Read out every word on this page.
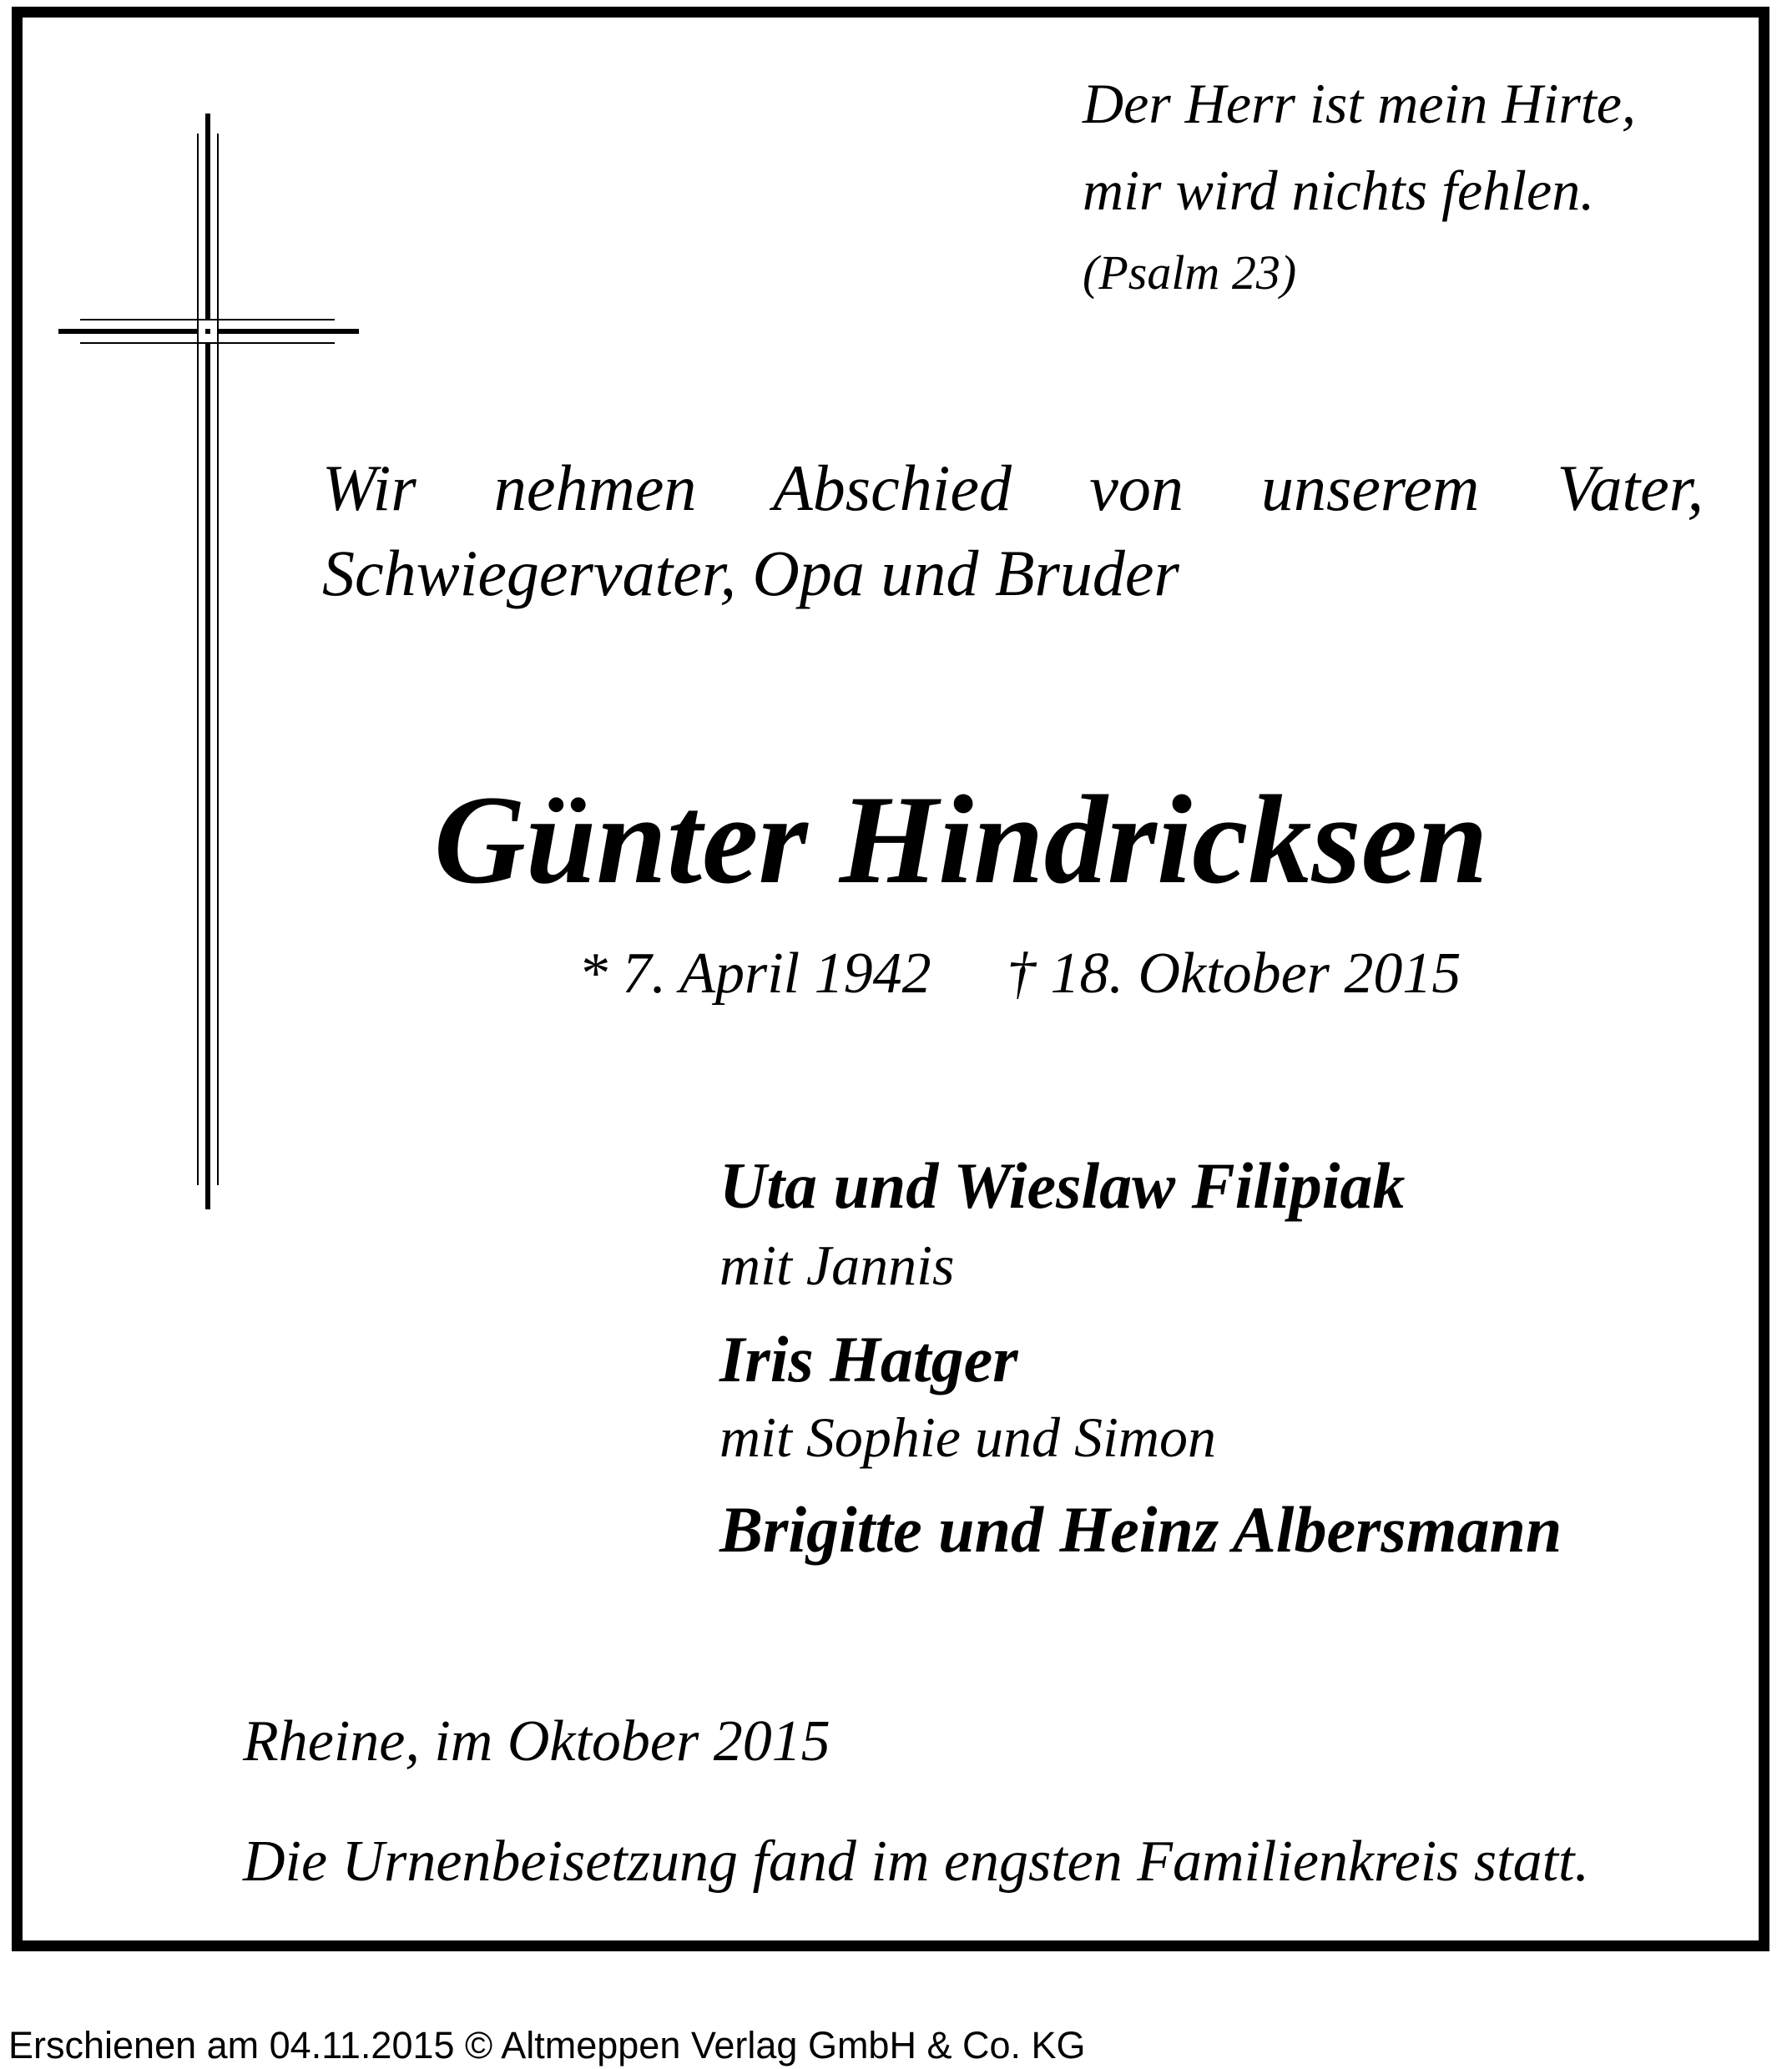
Der Herr ist mein Hirte,
mir wird nichts fehlen.
(Psalm 23)
Wir nehmen Abschied von unserem Vater,
Schwiegervater, Opa und Bruder
Günter Hindricksen
* 7. April 1942 † 18. Oktober 2015
Uta und Wieslaw Filipiak
mit Jannis
Iris Hatger
mit Sophie und Simon
Brigitte und Heinz Albersmann
Rheine, im Oktober 2015
Die Urnenbeisetzung fand im engsten Familienkreis statt.
Erschienen am 04.11.2015 © Altmeppen Verlag GmbH & Co. KG
